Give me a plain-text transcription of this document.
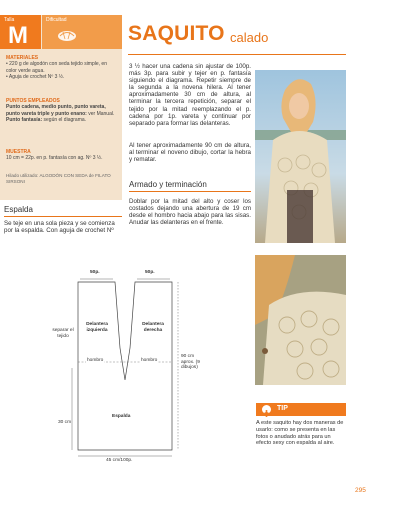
Talla
M
Dificultad
MATERIALES
• 220 g de algodón con seda tejido simple, en color verde agua.
• Aguja de crochet Nº 3 ½.
PUNTOS EMPLEADOS
Punto cadena, medio punto, punto vareta, punto vareta triple y punto enano: ver Manual.
Punto fantasía: según el diagrama.
MUESTRA
10 cm = 22p. en p. fantasía con ag. Nº 3 ½.
Hilado utilizado: ALGODÓN CON SEDA de FILATO SIRSONI
SAQUITO calado
3 ½ hacer una cadena sin ajustar de 100p. más 3p. para subir y tejer en p. fantasía siguiendo el diagrama. Repetir siempre de la segunda a la novena hilera. Al tener aproximadamente 30 cm de altura, al terminar la tercera repetición, separar el tejido por la mitad reemplazando el p. cadena por 1p. vareta y continuar por separado para formar las delanteras.
Al tener aproximadamente 90 cm de altura, al terminar el noveno dibujo, cortar la hebra y rematar.
Armado y terminación
Doblar por la mitad del alto y coser los costados dejando una abertura de 19 cm desde el hombro hacia abajo para las sisas. Anudar las delanteras en el frente.
Espalda
Se teje en una sola pieza y se comienza por la espalda. Con aguja de crochet Nº
50p.	50p.
separar el tejido
Delantera izquierda
Delantera derecha
hombro	hombro
90 cm aprox. (9 dibujos)
30 cm
Espalda
45 cm/100p.
TIP
A este saquito hay dos maneras de usarlo: como se presenta en las fotos o anudado atrás para un efecto sexy con espalda al aire.
295
